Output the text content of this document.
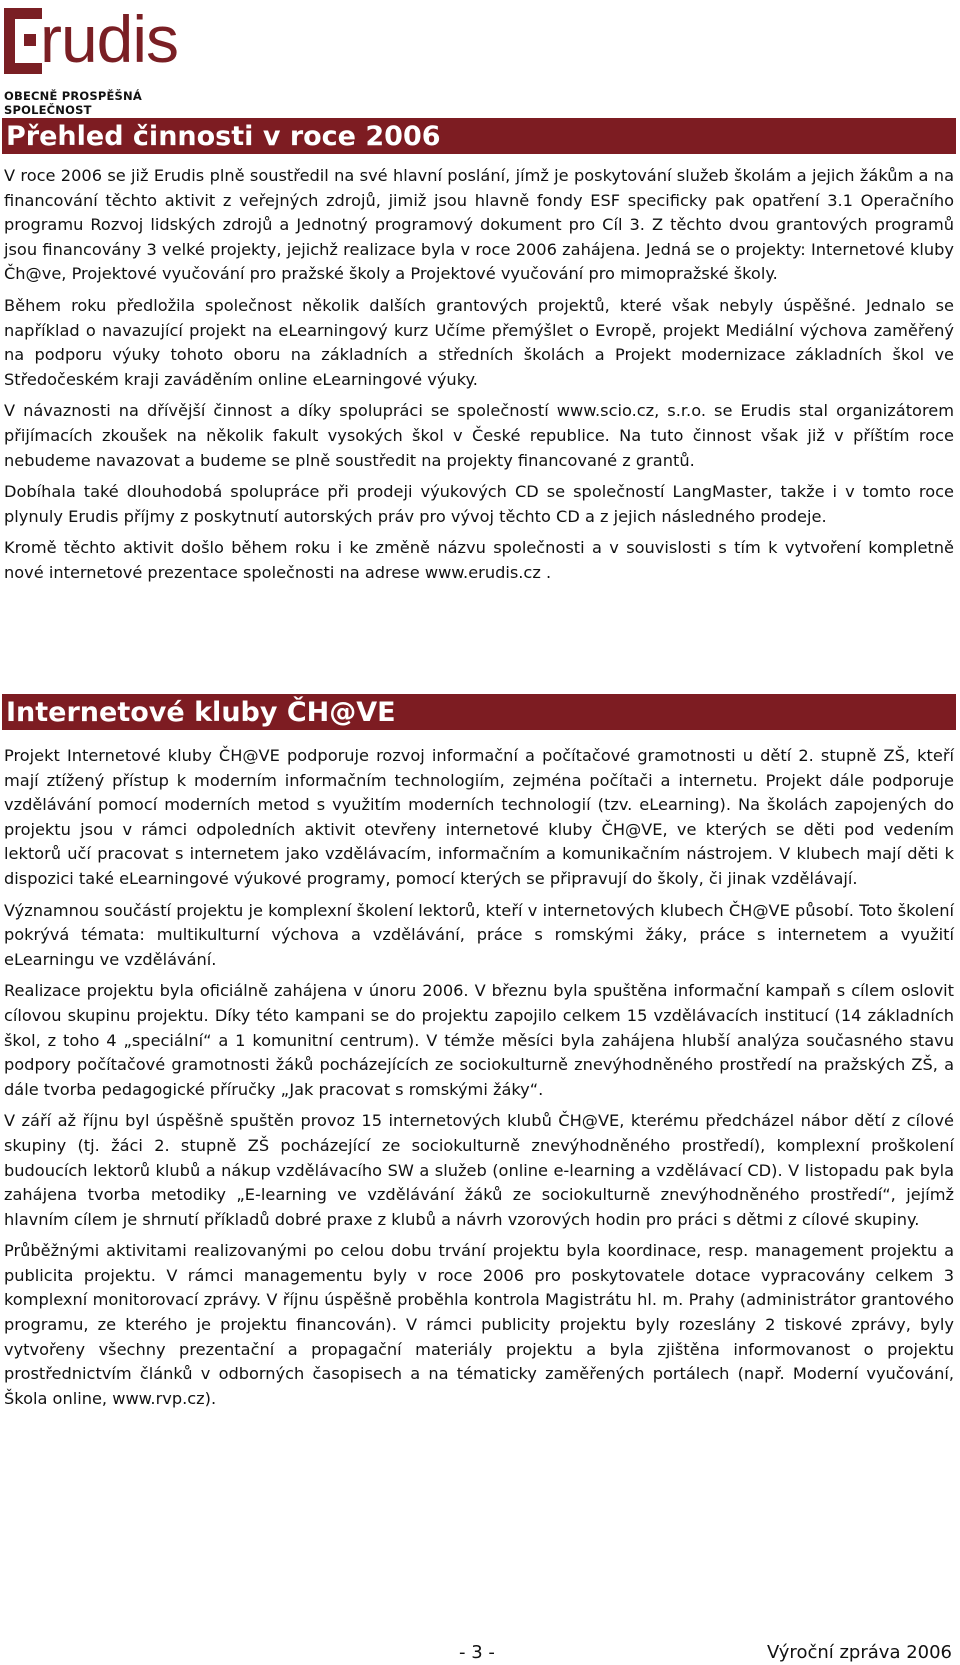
rudis
OBECNĚ PROSPĚŠNÁ SPOLEČNOST
Přehled činnosti v roce 2006

V roce 2006 se již Erudis plně soustředil na své hlavní poslání, jímž je poskytování služeb školám a jejich žákům a na financování těchto aktivit z veřejných zdrojů, jimiž jsou hlavně fondy ESF specificky pak opatření 3.1 Operačního programu Rozvoj lidských zdrojů a Jednotný programový dokument pro Cíl 3. Z těchto dvou grantových programů jsou financovány 3 velké projekty, jejichž realizace byla v roce 2006 zahájena. Jedná se o projekty: Internetové kluby Čh@ve, Projektové vyučování pro pražské školy a Projektové vyučování pro mimopražské školy.

Během roku předložila společnost několik dalších grantových projektů, které však nebyly úspěšné. Jednalo se například o navazující projekt na eLearningový kurz Učíme přemýšlet o Evropě, projekt Mediální výchova zaměřený na podporu výuky tohoto oboru na základních a středních školách a Projekt modernizace základních škol ve Středočeském kraji zaváděním online eLearningové výuky.

V návaznosti na dřívější činnost a díky spolupráci se společností www.scio.cz, s.r.o. se Erudis stal organizátorem přijímacích zkoušek na několik fakult vysokých škol v České republice. Na tuto činnost však již v příštím roce nebudeme navazovat a budeme se plně soustředit na projekty financované z grantů.

Dobíhala také dlouhodobá spolupráce při prodeji výukových CD se společností LangMaster, takže i v tomto roce plynuly Erudis příjmy z poskytnutí autorských práv pro vývoj těchto CD a z jejich následného prodeje.

Kromě těchto aktivit došlo během roku i ke změně názvu společnosti a v souvislosti s tím k vytvoření kompletně nové internetové prezentace společnosti na adrese www.erudis.cz .

Internetové kluby ČH@VE

Projekt Internetové kluby ČH@VE podporuje rozvoj informační a počítačové gramotnosti u dětí 2. stupně ZŠ, kteří mají ztížený přístup k moderním informačním technologiím, zejména počítači a internetu. Projekt dále podporuje vzdělávání pomocí moderních metod s využitím moderních technologií (tzv. eLearning). Na školách zapojených do projektu jsou v rámci odpoledních aktivit otevřeny internetové kluby ČH@VE, ve kterých se děti pod vedením lektorů učí pracovat s internetem jako vzdělávacím, informačním a komunikačním nástrojem. V klubech mají děti k dispozici také eLearningové výukové programy, pomocí kterých se připravují do školy, či jinak vzdělávají.

Významnou součástí projektu je komplexní školení lektorů, kteří v internetových klubech ČH@VE působí. Toto školení pokrývá témata: multikulturní výchova a vzdělávání, práce s romskými žáky, práce s internetem a využití eLearningu ve vzdělávání.

Realizace projektu byla oficiálně zahájena v únoru 2006. V březnu byla spuštěna informační kampaň s cílem oslovit cílovou skupinu projektu. Díky této kampani se do projektu zapojilo celkem 15 vzdělávacích institucí (14 základních škol, z toho 4 „speciální“ a 1 komunitní centrum). V témže měsíci byla zahájena hlubší analýza současného stavu podpory počítačové gramotnosti žáků pocházejících ze sociokulturně znevýhodněného prostředí na pražských ZŠ, a dále tvorba pedagogické příručky „Jak pracovat s romskými žáky“.

V září až říjnu byl úspěšně spuštěn provoz 15 internetových klubů ČH@VE, kterému předcházel nábor dětí z cílové skupiny (tj. žáci 2. stupně ZŠ pocházející ze sociokulturně znevýhodněného prostředí), komplexní proškolení budoucích lektorů klubů a nákup vzdělávacího SW a služeb (online e-learning a vzdělávací CD). V listopadu pak byla zahájena tvorba metodiky „E-learning ve vzdělávání žáků ze sociokulturně znevýhodněného prostředí“, jejímž hlavním cílem je shrnutí příkladů dobré praxe z klubů a návrh vzorových hodin pro práci s dětmi z cílové skupiny.

Průběžnými aktivitami realizovanými po celou dobu trvání projektu byla koordinace, resp. management projektu a publicita projektu. V rámci managementu byly v roce 2006 pro poskytovatele dotace vypracovány celkem 3 komplexní monitorovací zprávy. V říjnu úspěšně proběhla kontrola Magistrátu hl. m. Prahy (administrátor grantového programu, ze kterého je projektu financován). V rámci publicity projektu byly rozeslány 2 tiskové zprávy, byly vytvořeny všechny prezentační a propagační materiály projektu a byla zjištěna informovanost o projektu prostřednictvím článků v odborných časopisech a na tématicky zaměřených portálech (např. Moderní vyučování, Škola online, www.rvp.cz).

- 3 -	Výroční zpráva 2006
